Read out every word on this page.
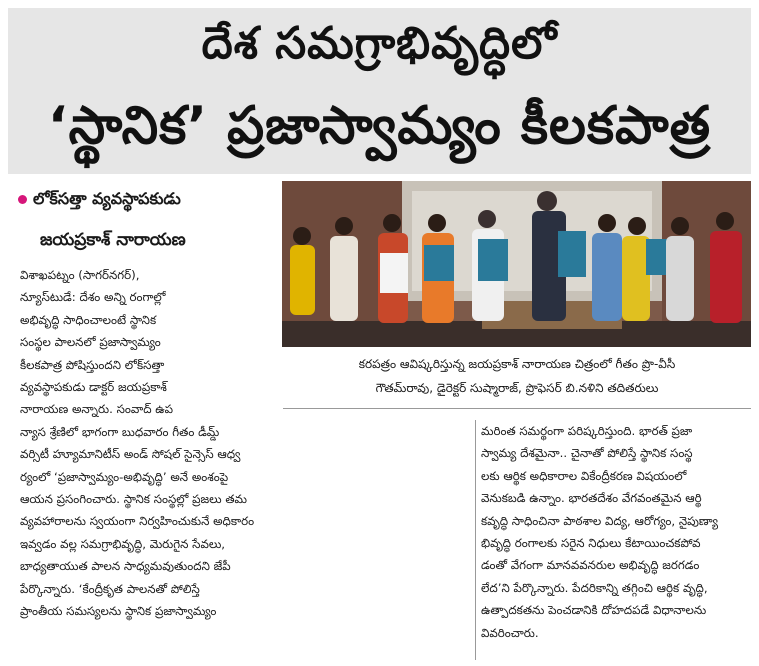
దేశ సమగ్రాభివృద్ధిలో
‘స్థానిక’ ప్రజాస్వామ్యం కీలకపాత్ర
లోక్‌సత్తా వ్యవస్థాపకుడు
జయప్రకాశ్ నారాయణ
విశాఖపట్నం (సాగర్‌నగర్),
న్యూస్‌టుడే: దేశం అన్ని రంగాల్లో
అభివృద్ధి సాధించాలంటే స్థానిక
సంస్థల పాలనలో ప్రజాస్వామ్యం
కీలకపాత్ర పోషిస్తుందని లోక్‌సత్తా
వ్యవస్థాపకుడు డాక్టర్ జయప్రకాశ్
నారాయణ అన్నారు. సంవాద్ ఉప
న్యాస శ్రేణిలో భాగంగా బుధవారం గీతం డీమ్డ్
వర్సిటీ హ్యూమానిటీస్ అండ్ సోషల్ సైన్సెస్ ఆధ్వ
ర్యంలో ‘ప్రజాస్వామ్యం-అభివృద్ధి’ అనే అంశంపై
ఆయన ప్రసంగించారు. స్థానిక సంస్థల్లో ప్రజలు తమ
వ్యవహారాలను స్వయంగా నిర్వహించుకునే అధికారం
ఇవ్వడం వల్ల సమగ్రాభివృద్ధి, మెరుగైన సేవలు,
బాధ్యతాయుత పాలన సాధ్యమవుతుందని జేపీ
పేర్కొన్నారు. ‘కేంద్రీకృత పాలనతో పోలిస్తే
ప్రాంతీయ సమస్యలను స్థానిక ప్రజాస్వామ్యం
కరపత్రం ఆవిష్కరిస్తున్న జయప్రకాశ్ నారాయణ చిత్రంలో గీతం ప్రొ-వీసీ
గౌతమ్‌రావు, డైరెక్టర్ సుష్మారాజ్, ప్రొఫెసర్ బి.నళిని తదితరులు
మరింత సమర్థంగా పరిష్కరిస్తుంది. భారత్ ప్రజా
స్వామ్య దేశమైనా.. చైనాతో పోలిస్తే స్థానిక సంస్థ
లకు ఆర్థిక అధికారాల వికేంద్రీకరణ విషయంలో
వెనుకబడి ఉన్నాం. భారతదేశం వేగవంతమైన ఆర్థి
కవృద్ధి సాధించినా పాఠశాల విద్య, ఆరోగ్యం, నైపుణ్యా
భివృద్ధి రంగాలకు సరైన నిధులు కేటాయించకపోవ
డంతో వేగంగా మానవవనరుల అభివృద్ధి జరగడం
లేద’ని పేర్కొన్నారు. పేదరికాన్ని తగ్గించి ఆర్థిక వృద్ధి,
ఉత్పాదకతను పెంచడానికి దోహదపడే విధానాలను
వివరించారు.
